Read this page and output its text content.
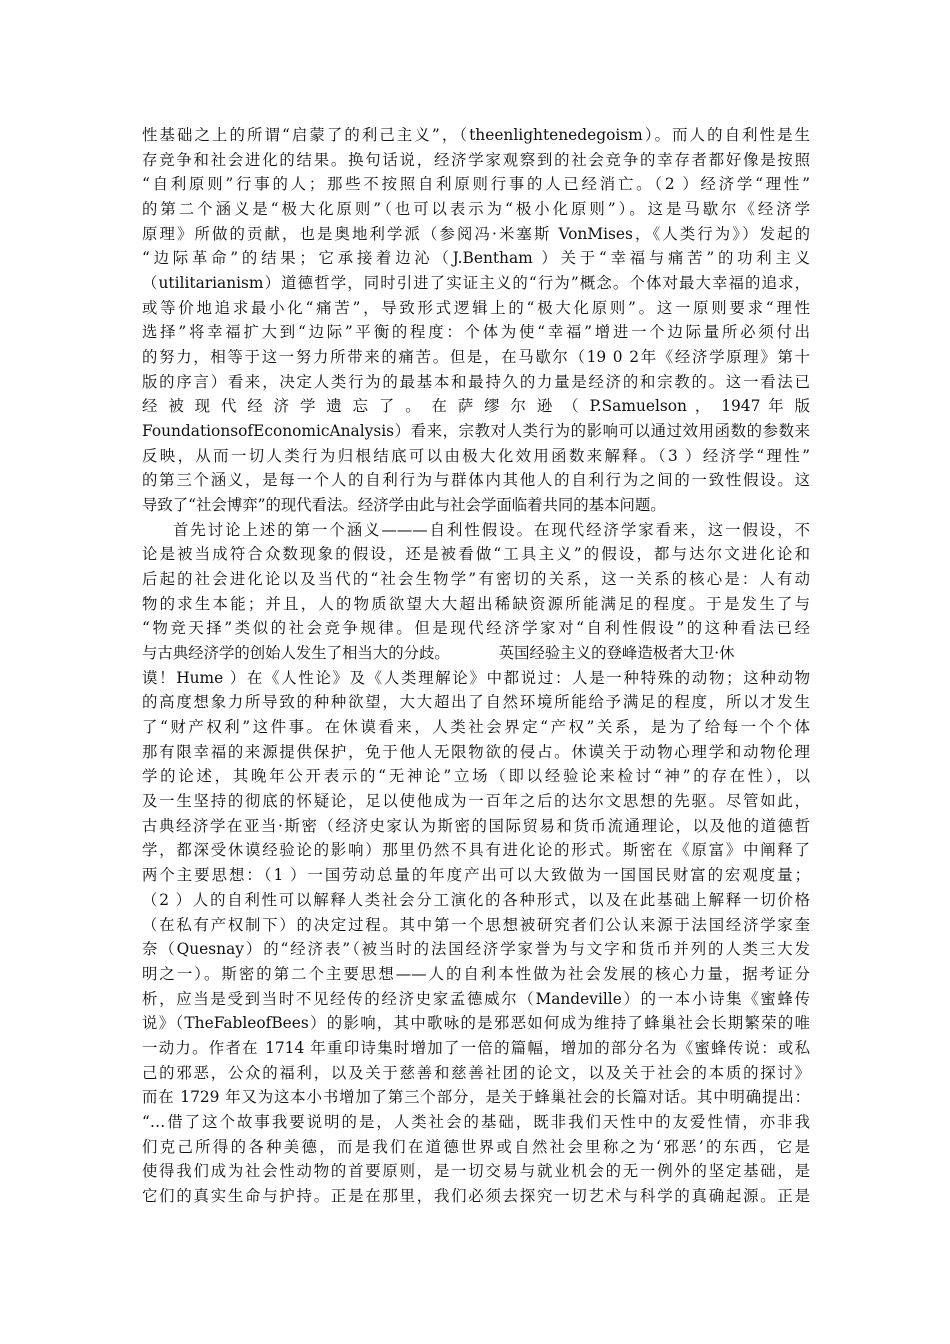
性基础之上的所谓“启蒙了的利己主义”，（theenlightenedegoism）。而人的自利性是生
存竞争和社会进化的结果。换句话说，经济学家观察到的社会竞争的幸存者都好像是按照
“自利原则”行事的人；那些不按照自利原则行事的人已经消亡。（2 ）经济学“理性”
的第二个涵义是“极大化原则”（也可以表示为“极小化原则”）。这是马歇尔《经济学
原理》所做的贡献，也是奥地利学派（参阅冯·米塞斯 VonMises，《人类行为》）发起的
“边际革命”的结果；它承接着边沁（J.Bentham ）关于“幸福与痛苦”的功利主义
（utilitarianism）道德哲学，同时引进了实证主义的“行为”概念。个体对最大幸福的追求，
或等价地追求最小化“痛苦”，导致形式逻辑上的“极大化原则”。这一原则要求“理性
选择”将幸福扩大到“边际”平衡的程度：个体为使“幸福”增进一个边际量所必须付出
的努力，相等于这一努力所带来的痛苦。但是，在马歇尔（19 0 2年《经济学原理》第十
版的序言）看来，决定人类行为的最基本和最持久的力量是经济的和宗教的。这一看法已
经 被 现 代 经 济 学 遗 忘 了 。 在 萨 缪 尔 逊 （ P.Samuelson ， 1947 年 版
FoundationsofEconomicAnalysis）看来，宗教对人类行为的影响可以通过效用函数的参数来
反映，从而一切人类行为归根结底可以由极大化效用函数来解释。（3 ）经济学“理性”
的第三个涵义，是每一个人的自利行为与群体内其他人的自利行为之间的一致性假设。这
导致了“社会博弈”的现代看法。经济学由此与社会学面临着共同的基本问题。
首先讨论上述的第一个涵义———自利性假设。在现代经济学家看来，这一假设，不
论是被当成符合众数现象的假设，还是被看做“工具主义”的假设，都与达尔文进化论和
后起的社会进化论以及当代的“社会生物学”有密切的关系，这一关系的核心是：人有动
物的求生本能；并且，人的物质欲望大大超出稀缺资源所能满足的程度。于是发生了与
“物竞天择”类似的社会竞争规律。但是现代经济学家对“自利性假设”的这种看法已经
与古典经济学的创始人发生了相当大的分歧。          英国经验主义的登峰造极者大卫·休
谟！Hume ）在《人性论》及《人类理解论》中都说过：人是一种特殊的动物；这种动物
的高度想象力所导致的种种欲望，大大超出了自然环境所能给予满足的程度，所以才发生
了“财产权利”这件事。在休谟看来，人类社会界定“产权”关系，是为了给每一个个体
那有限幸福的来源提供保护，免于他人无限物欲的侵占。休谟关于动物心理学和动物伦理
学的论述，其晚年公开表示的“无神论”立场（即以经验论来检讨“神”的存在性），以
及一生坚持的彻底的怀疑论，足以使他成为一百年之后的达尔文思想的先驱。尽管如此，
古典经济学在亚当·斯密（经济史家认为斯密的国际贸易和货币流通理论，以及他的道德哲
学，都深受休谟经验论的影响）那里仍然不具有进化论的形式。斯密在《原富》中阐释了
两个主要思想：（1 ）一国劳动总量的年度产出可以大致做为一国国民财富的宏观度量；
（2 ）人的自利性可以解释人类社会分工演化的各种形式，以及在此基础上解释一切价格
（在私有产权制下）的决定过程。其中第一个思想被研究者们公认来源于法国经济学家奎
奈（Quesnay）的“经济表”（被当时的法国经济学家誉为与文字和货币并列的人类三大发
明之一）。斯密的第二个主要思想——人的自利本性做为社会发展的核心力量，据考证分
析，应当是受到当时不见经传的经济史家孟德威尔（Mandeville）的一本小诗集《蜜蜂传
说》（TheFableofBees）的影响，其中歌咏的是邪恶如何成为维持了蜂巢社会长期繁荣的唯
一动力。作者在 1714 年重印诗集时增加了一倍的篇幅，增加的部分名为《蜜蜂传说：或私
己的邪恶，公众的福利，以及关于慈善和慈善社团的论文，以及关于社会的本质的探讨》
而在 1729 年又为这本小书增加了第三个部分，是关于蜂巢社会的长篇对话。其中明确提出：
“…借了这个故事我要说明的是，人类社会的基础，既非我们天性中的友爱性情，亦非我
们克己所得的各种美德，而是我们在道德世界或自然社会里称之为‘邪恶’的东西，它是
使得我们成为社会性动物的首要原则，是一切交易与就业机会的无一例外的坚定基础，是
它们的真实生命与护持。正是在那里，我们必须去探究一切艺术与科学的真确起源。正是
